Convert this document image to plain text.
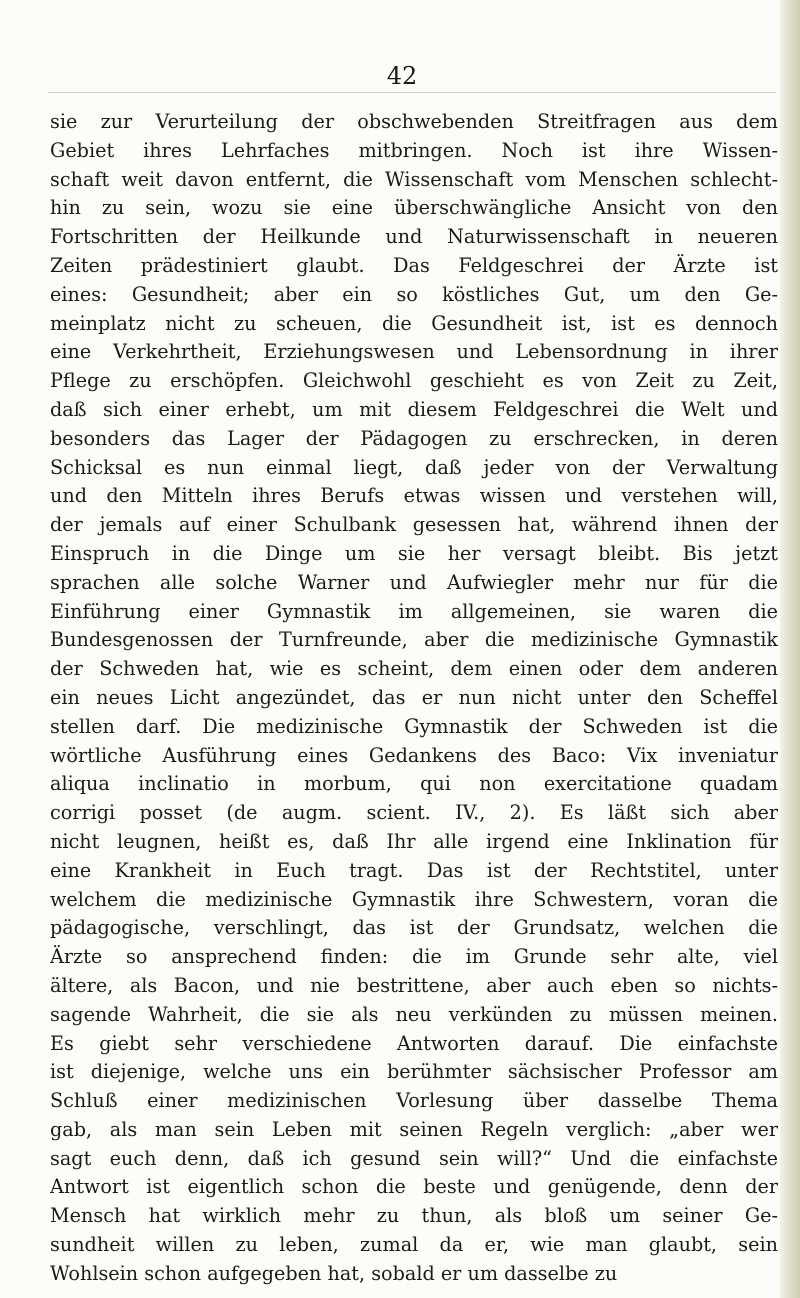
42
sie zur Verurteilung der obschwebenden Streitfragen aus dem
Gebiet ihres Lehrfaches mitbringen. Noch ist ihre Wissen-
schaft weit davon entfernt, die Wissenschaft vom Menschen schlecht-
hin zu sein, wozu sie eine überschwängliche Ansicht von den
Fortschritten der Heilkunde und Naturwissenschaft in neueren
Zeiten prädestiniert glaubt. Das Feldgeschrei der Ärzte ist
eines: Gesundheit; aber ein so köstliches Gut, um den Ge-
meinplatz nicht zu scheuen, die Gesundheit ist, ist es dennoch
eine Verkehrtheit, Erziehungswesen und Lebensordnung in ihrer
Pflege zu erschöpfen. Gleichwohl geschieht es von Zeit zu Zeit,
daß sich einer erhebt, um mit diesem Feldgeschrei die Welt und
besonders das Lager der Pädagogen zu erschrecken, in deren
Schicksal es nun einmal liegt, daß jeder von der Verwaltung
und den Mitteln ihres Berufs etwas wissen und verstehen will,
der jemals auf einer Schulbank gesessen hat, während ihnen der
Einspruch in die Dinge um sie her versagt bleibt. Bis jetzt
sprachen alle solche Warner und Aufwiegler mehr nur für die
Einführung einer Gymnastik im allgemeinen, sie waren die
Bundesgenossen der Turnfreunde, aber die medizinische Gymnastik
der Schweden hat, wie es scheint, dem einen oder dem anderen
ein neues Licht angezündet, das er nun nicht unter den Scheffel
stellen darf. Die medizinische Gymnastik der Schweden ist die
wörtliche Ausführung eines Gedankens des Baco: Vix inveniatur
aliqua inclinatio in morbum, qui non exercitatione quadam
corrigi posset (de augm. scient. IV., 2). Es läßt sich aber
nicht leugnen, heißt es, daß Ihr alle irgend eine Inklination für
eine Krankheit in Euch tragt. Das ist der Rechtstitel, unter
welchem die medizinische Gymnastik ihre Schwestern, voran die
pädagogische, verschlingt, das ist der Grundsatz, welchen die
Ärzte so ansprechend finden: die im Grunde sehr alte, viel
ältere, als Bacon, und nie bestrittene, aber auch eben so nichts-
sagende Wahrheit, die sie als neu verkünden zu müssen meinen.
Es giebt sehr verschiedene Antworten darauf. Die einfachste
ist diejenige, welche uns ein berühmter sächsischer Professor am
Schluß einer medizinischen Vorlesung über dasselbe Thema
gab, als man sein Leben mit seinen Regeln verglich: „aber wer
sagt euch denn, daß ich gesund sein will?“ Und die einfachste
Antwort ist eigentlich schon die beste und genügende, denn der
Mensch hat wirklich mehr zu thun, als bloß um seiner Ge-
sundheit willen zu leben, zumal da er, wie man glaubt, sein
Wohlsein schon aufgegeben hat, sobald er um dasselbe zu
